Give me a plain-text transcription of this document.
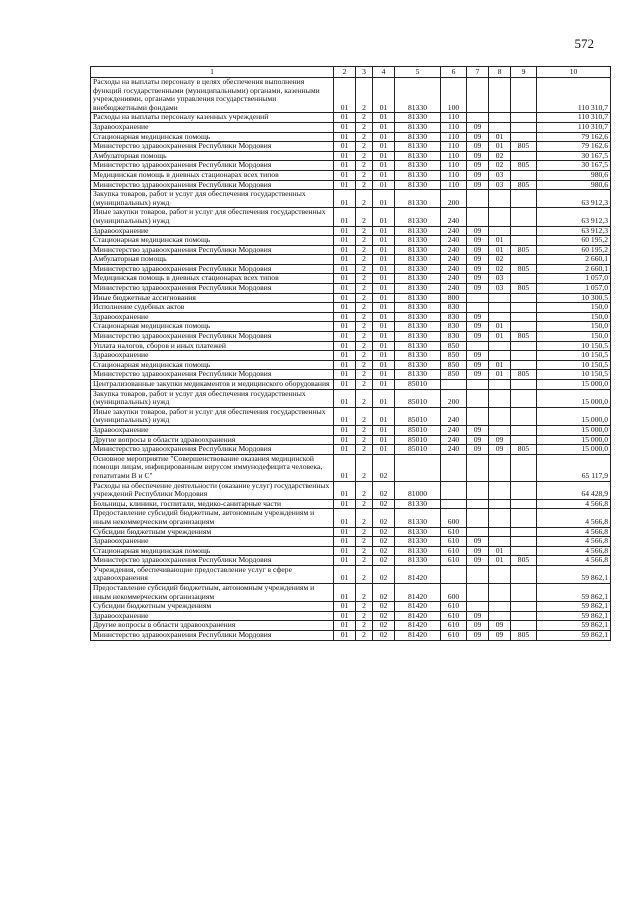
572
1	2	3	4	5	6	7	8	9	10
Расходы на выплаты персоналу в целях обеспечения выполнения функций государственными (муниципальными) органами, казенными учреждениями, органами управления государственными внебюджетными фондами	01	2	01	81330	100				110 310,7
Расходы на выплаты персоналу казенных учреждений	01	2	01	81330	110				110 310,7
Здравоохранение	01	2	01	81330	110	09			110 310,7
Стационарная медицинская помощь	01	2	01	81330	110	09	01		79 162,6
Министерство здравоохранения Республики Мордовия	01	2	01	81330	110	09	01	805	79 162,6
Амбулаторная помощь	01	2	01	81330	110	09	02		30 167,5
Министерство здравоохранения Республики Мордовия	01	2	01	81330	110	09	02	805	30 167,5
Медицинская помощь в дневных стационарах всех типов	01	2	01	81330	110	09	03		980,6
Министерство здравоохранения Республики Мордовия	01	2	01	81330	110	09	03	805	980,6
Закупка товаров, работ и услуг для обеспечения государственных (муниципальных) нужд	01	2	01	81330	200				63 912,3
Иные закупки товаров, работ и услуг для обеспечения государственных (муниципальных) нужд	01	2	01	81330	240				63 912,3
Здравоохранение	01	2	01	81330	240	09			63 912,3
Стационарная медицинская помощь	01	2	01	81330	240	09	01		60 195,2
Министерство здравоохранения Республики Мордовия	01	2	01	81330	240	09	01	805	60 195,2
Амбулаторная помощь	01	2	01	81330	240	09	02		2 660,1
Министерство здравоохранения Республики Мордовия	01	2	01	81330	240	09	02	805	2 660,1
Медицинская помощь в дневных стационарах всех типов	01	2	01	81330	240	09	03		1 057,0
Министерство здравоохранения Республики Мордовия	01	2	01	81330	240	09	03	805	1 057,0
Иные бюджетные ассигнования	01	2	01	81330	800				10 300,5
Исполнение судебных актов	01	2	01	81330	830				150,0
Здравоохранение	01	2	01	81330	830	09			150,0
Стационарная медицинская помощь	01	2	01	81330	830	09	01		150,0
Министерство здравоохранения Республики Мордовия	01	2	01	81330	830	09	01	805	150,0
Уплата налогов, сборов и иных платежей	01	2	01	81330	850				10 150,5
Здравоохранение	01	2	01	81330	850	09			10 150,5
Стационарная медицинская помощь	01	2	01	81330	850	09	01		10 150,5
Министерство здравоохранения Республики Мордовия	01	2	01	81330	850	09	01	805	10 150,5
Централизованные закупки медикаментов и медицинского оборудования	01	2	01	85010					15 000,0
Закупка товаров, работ и услуг для обеспечения государственных (муниципальных) нужд	01	2	01	85010	200				15 000,0
Иные закупки товаров, работ и услуг для обеспечения государственных (муниципальных) нужд	01	2	01	85010	240				15 000,0
Здравоохранение	01	2	01	85010	240	09			15 000,0
Другие вопросы в области здравоохранения	01	2	01	85010	240	09	09		15 000,0
Министерство здравоохранения Республики Мордовия	01	2	01	85010	240	09	09	805	15 000,0
Основное мероприятие "Совершенствование оказания медицинской помощи лицам, инфицированным вирусом иммунодефицита человека, гепатитами В и С"	01	2	02						65 117,9
Расходы на обеспечение деятельности (оказание услуг) государственных учреждений Республики Мордовия	01	2	02	81000					64 428,9
Больницы, клиники, госпитали, медико-санитарные части	01	2	02	81330					4 566,8
Предоставление субсидий бюджетным, автономным учреждениям и иным некоммерческим организациям	01	2	02	81330	600				4 566,8
Субсидии бюджетным учреждениям	01	2	02	81330	610				4 566,8
Здравоохранение	01	2	02	81330	610	09			4 566,8
Стационарная медицинская помощь	01	2	02	81330	610	09	01		4 566,8
Министерство здравоохранения Республики Мордовия	01	2	02	81330	610	09	01	805	4 566,8
Учреждения, обеспечивающие предоставление услуг в сфере здравоохранения	01	2	02	81420					59 862,1
Предоставление субсидий бюджетным, автономным учреждениям и иным некоммерческим организациям	01	2	02	81420	600				59 862,1
Субсидии бюджетным учреждениям	01	2	02	81420	610				59 862,1
Здравоохранение	01	2	02	81420	610	09			59 862,1
Другие вопросы в области здравоохранения	01	2	02	81420	610	09	09		59 862,1
Министерство здравоохранения Республики Мордовия	01	2	02	81420	610	09	09	805	59 862,1
